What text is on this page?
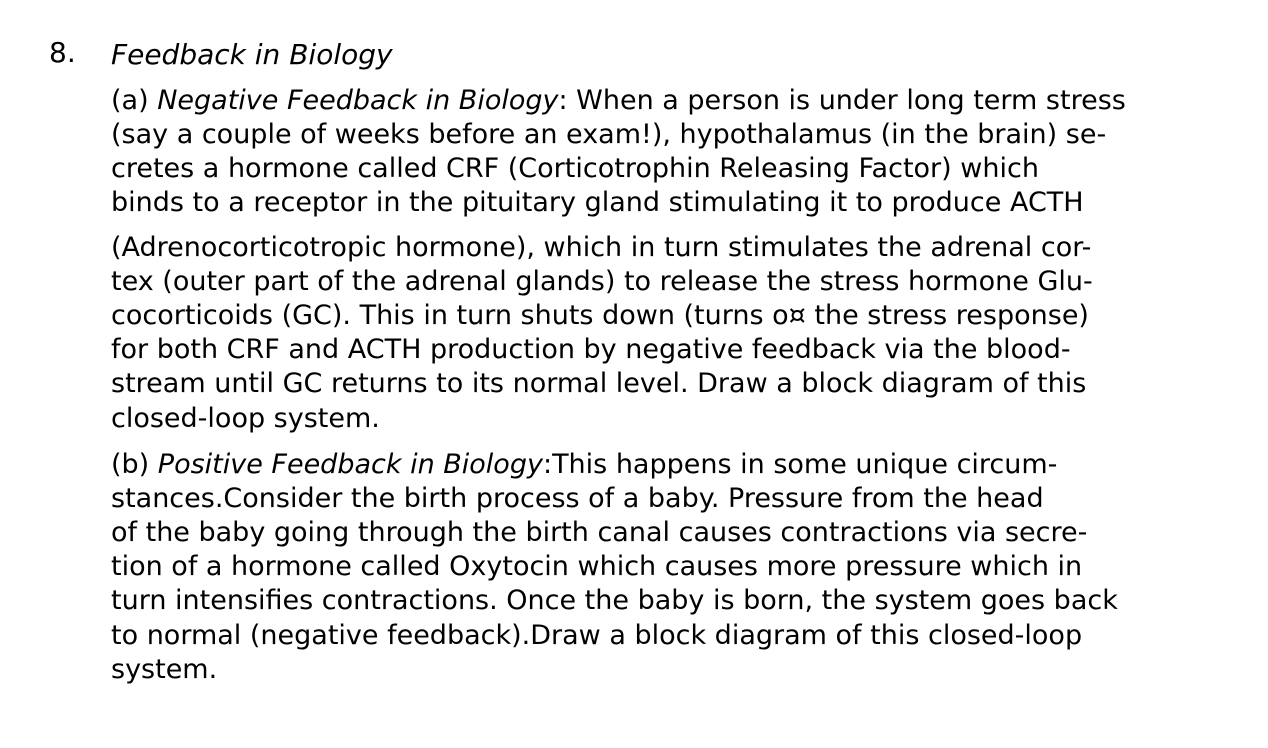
8. Feedback in Biology
(a) Negative Feedback in Biology: When a person is under long term stress
(say a couple of weeks before an exam!), hypothalamus (in the brain) se-
cretes a hormone called CRF (Corticotrophin Releasing Factor) which
binds to a receptor in the pituitary gland stimulating it to produce ACTH
(Adrenocorticotropic hormone), which in turn stimulates the adrenal cor-
tex (outer part of the adrenal glands) to release the stress hormone Glu-
cocorticoids (GC). This in turn shuts down (turns o¤ the stress response)
for both CRF and ACTH production by negative feedback via the blood-
stream until GC returns to its normal level. Draw a block diagram of this
closed-loop system.
(b) Positive Feedback in Biology:This happens in some unique circum-
stances.Consider the birth process of a baby. Pressure from the head
of the baby going through the birth canal causes contractions via secre-
tion of a hormone called Oxytocin which causes more pressure which in
turn intensifies contractions. Once the baby is born, the system goes back
to normal (negative feedback).Draw a block diagram of this closed-loop
system.
